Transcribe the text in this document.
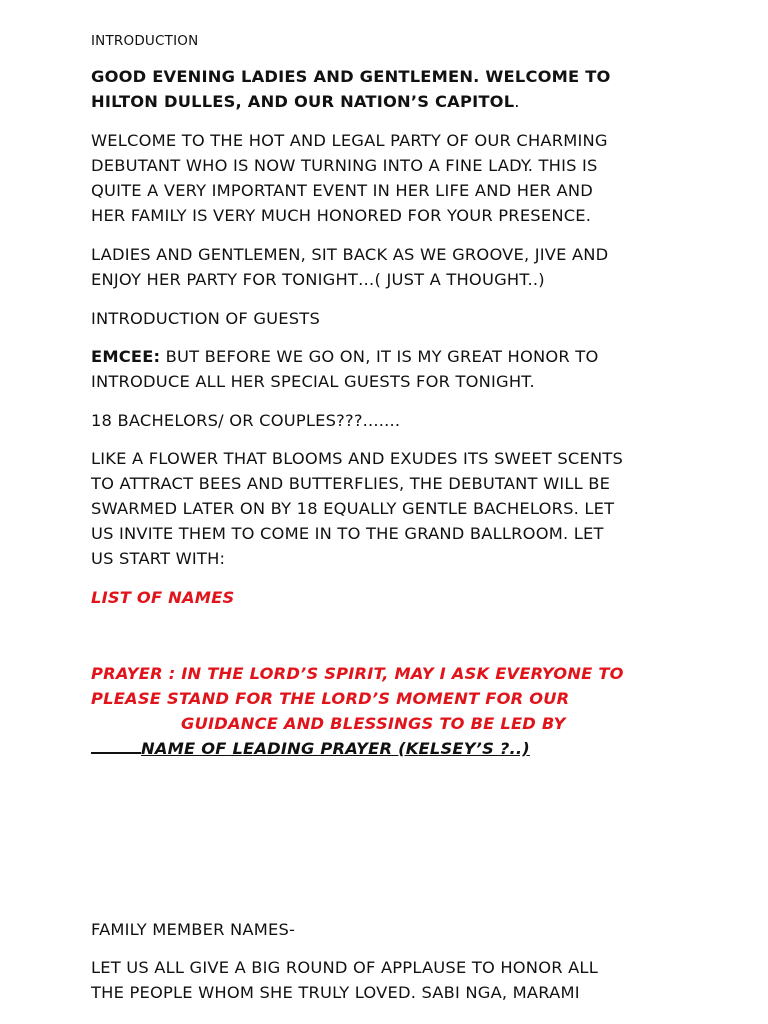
INTRODUCTION

GOOD EVENING LADIES AND GENTLEMEN. WELCOME TO
HILTON DULLES, AND OUR NATION’S CAPITOL.

WELCOME TO THE HOT AND LEGAL PARTY OF OUR CHARMING
DEBUTANT WHO IS NOW TURNING INTO A FINE LADY. THIS IS
QUITE A VERY IMPORTANT EVENT IN HER LIFE AND HER AND
HER FAMILY IS VERY MUCH HONORED FOR YOUR PRESENCE.

LADIES AND GENTLEMEN, SIT BACK AS WE GROOVE, JIVE AND
ENJOY HER PARTY FOR TONIGHT…( JUST A THOUGHT..)

INTRODUCTION OF GUESTS

EMCEE: BUT BEFORE WE GO ON, IT IS MY GREAT HONOR TO
INTRODUCE ALL HER SPECIAL GUESTS FOR TONIGHT.

18 BACHELORS/ OR COUPLES???.......

LIKE A FLOWER THAT BLOOMS AND EXUDES ITS SWEET SCENTS
TO ATTRACT BEES AND BUTTERFLIES, THE DEBUTANT WILL BE
SWARMED LATER ON BY 18 EQUALLY GENTLE BACHELORS. LET
US INVITE THEM TO COME IN TO THE GRAND BALLROOM. LET
US START WITH:

LIST OF NAMES

PRAYER : IN THE LORD’S SPIRIT, MAY I ASK EVERYONE TO
PLEASE STAND FOR THE LORD’S MOMENT FOR OUR
GUIDANCE AND BLESSINGS TO BE LED BY
NAME OF LEADING PRAYER (KELSEY’S ?..)

FAMILY MEMBER NAMES-

LET US ALL GIVE A BIG ROUND OF APPLAUSE TO HONOR ALL
THE PEOPLE WHOM SHE TRULY LOVED. SABI NGA, MARAMI
